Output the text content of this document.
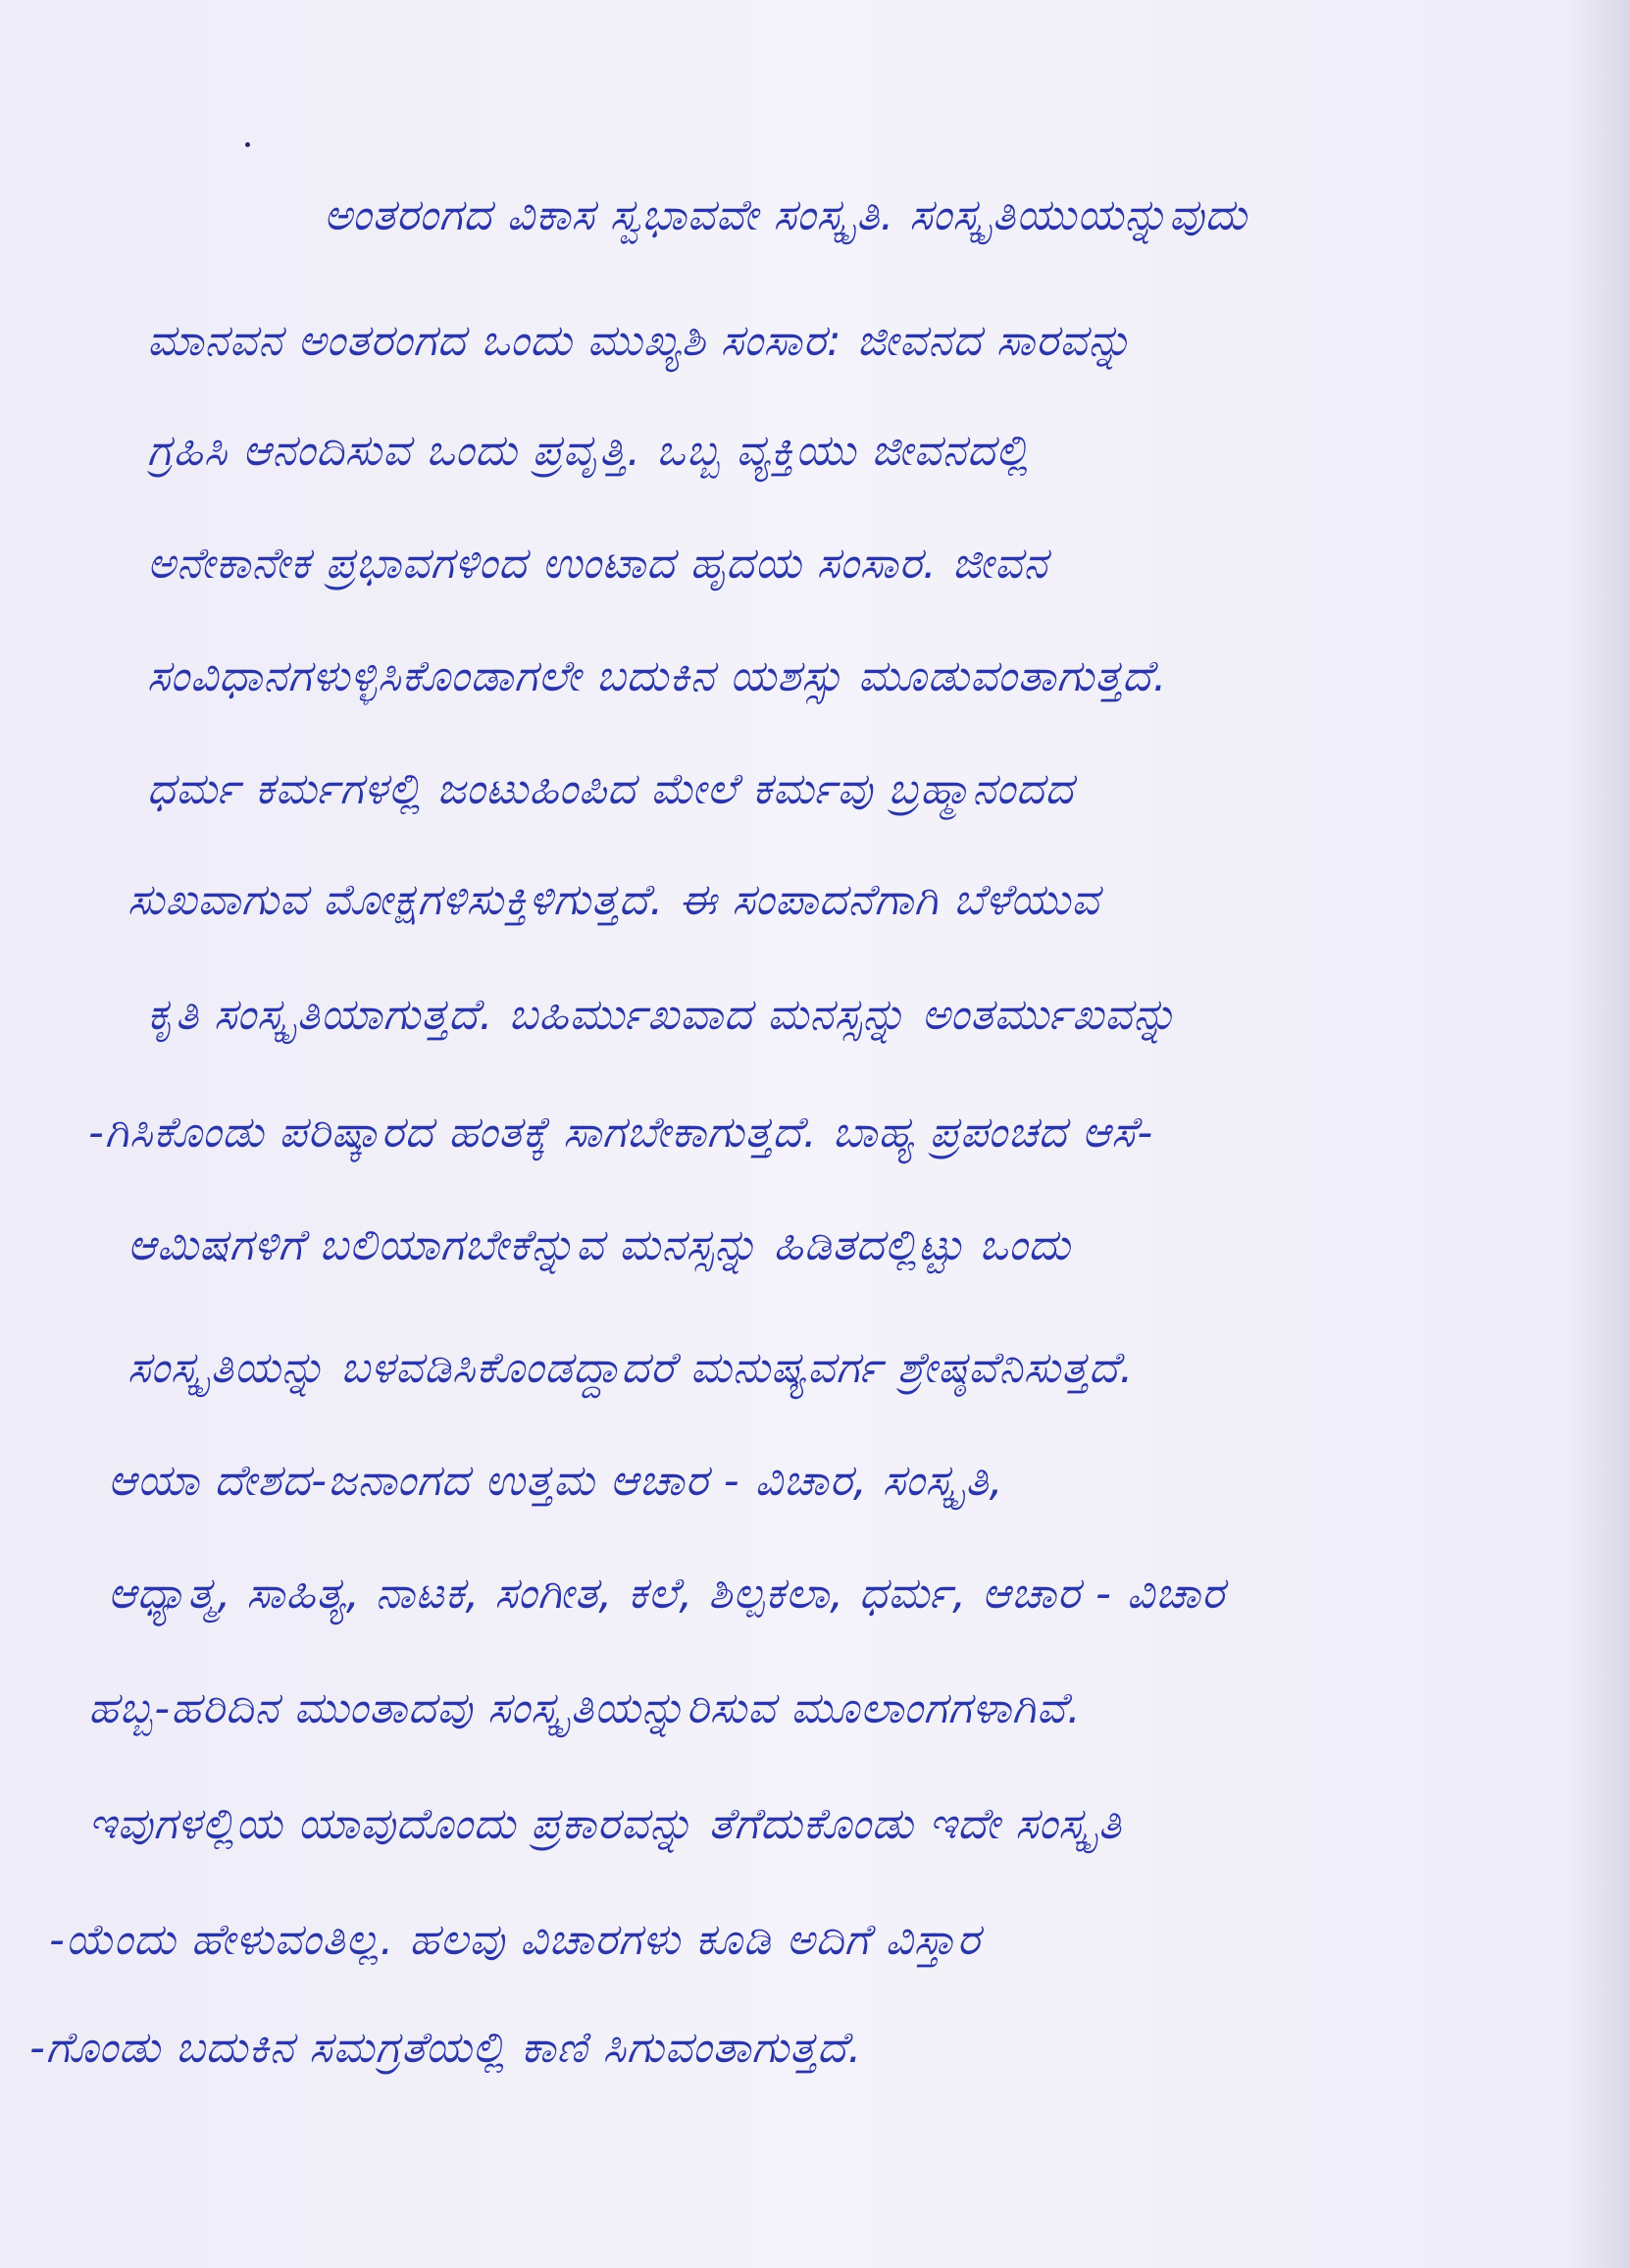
ಅಂತರಂಗದ ವಿಕಾಸ ಸ್ವಭಾವವೇ ಸಂಸ್ಕೃತಿ. ಸಂಸ್ಕೃತಿಯುಯನ್ನುವುದು
ಮಾನವನ ಅಂತರಂಗದ ಒಂದು ಮುಖ್ಯಶಿ ಸಂಸಾರ: ಜೀವನದ ಸಾರವನ್ನು
ಗ್ರಹಿಸಿ ಆನಂದಿಸುವ ಒಂದು ಪ್ರವೃತ್ತಿ. ಒಬ್ಬ ವ್ಯಕ್ತಿಯು ಜೀವನದಲ್ಲಿ
ಅನೇಕಾನೇಕ ಪ್ರಭಾವಗಳಿಂದ ಉಂಟಾದ ಹೃದಯ ಸಂಸಾರ. ಜೀವನ
ಸಂವಿಧಾನಗಳುಳ್ಳಿಸಿಕೊಂಡಾಗಲೇ ಬದುಕಿನ ಯಶಸ್ಸು ಮೂಡುವಂತಾಗುತ್ತದೆ.
ಧರ್ಮ ಕರ್ಮಗಳಲ್ಲಿ ಜಂಟುಹಿಂಪಿದ ಮೇಲೆ ಕರ್ಮವು ಬ್ರಹ್ಮಾನಂದದ
ಸುಖವಾಗುವ ಮೋಕ್ಷಗಳಿಸುಕ್ತಿಳಿಗುತ್ತದೆ. ಈ ಸಂಪಾದನೆಗಾಗಿ ಬೆಳೆಯುವ
ಕೃತಿ ಸಂಸ್ಕೃತಿಯಾಗುತ್ತದೆ. ಬಹಿರ್ಮುಖವಾದ ಮನಸ್ಸನ್ನು ಅಂತರ್ಮುಖವನ್ನು
-ಗಿಸಿಕೊಂಡು ಪರಿಷ್ಕಾರದ ಹಂತಕ್ಕೆ ಸಾಗಬೇಕಾಗುತ್ತದೆ. ಬಾಹ್ಯ ಪ್ರಪಂಚದ ಆಸೆ-
ಆಮಿಷಗಳಿಗೆ ಬಲಿಯಾಗಬೇಕೆನ್ನುವ ಮನಸ್ಸನ್ನು ಹಿಡಿತದಲ್ಲಿಟ್ಟು ಒಂದು
ಸಂಸ್ಕೃತಿಯನ್ನು ಬಳವಡಿಸಿಕೊಂಡದ್ದಾದರೆ ಮನುಷ್ಯವರ್ಗ ಶ್ರೇಷ್ಠವೆನಿಸುತ್ತದೆ.
ಆಯಾ ದೇಶದ-ಜನಾಂಗದ ಉತ್ತಮ ಆಚಾರ - ವಿಚಾರ, ಸಂಸ್ಕೃತಿ,
ಆಧ್ಯಾತ್ಮ, ಸಾಹಿತ್ಯ, ನಾಟಕ, ಸಂಗೀತ, ಕಲೆ, ಶಿಲ್ಪಕಲಾ, ಧರ್ಮ, ಆಚಾರ - ವಿಚಾರ
ಹಬ್ಬ-ಹರಿದಿನ ಮುಂತಾದವು ಸಂಸ್ಕೃತಿಯನ್ನುರಿಸುವ ಮೂಲಾಂಗಗಳಾಗಿವೆ.
ಇವುಗಳಲ್ಲಿಯ ಯಾವುದೊಂದು ಪ್ರಕಾರವನ್ನು ತೆಗೆದುಕೊಂಡು ಇದೇ ಸಂಸ್ಕೃತಿ
-ಯೆಂದು ಹೇಳುವಂತಿಲ್ಲ. ಹಲವು ವಿಚಾರಗಳು ಕೂಡಿ ಅದಿಗೆ ವಿಸ್ತಾರ
-ಗೊಂಡು ಬದುಕಿನ ಸಮಗ್ರತೆಯಲ್ಲಿ ಕಾಣಿ ಸಿಗುವಂತಾಗುತ್ತದೆ.
